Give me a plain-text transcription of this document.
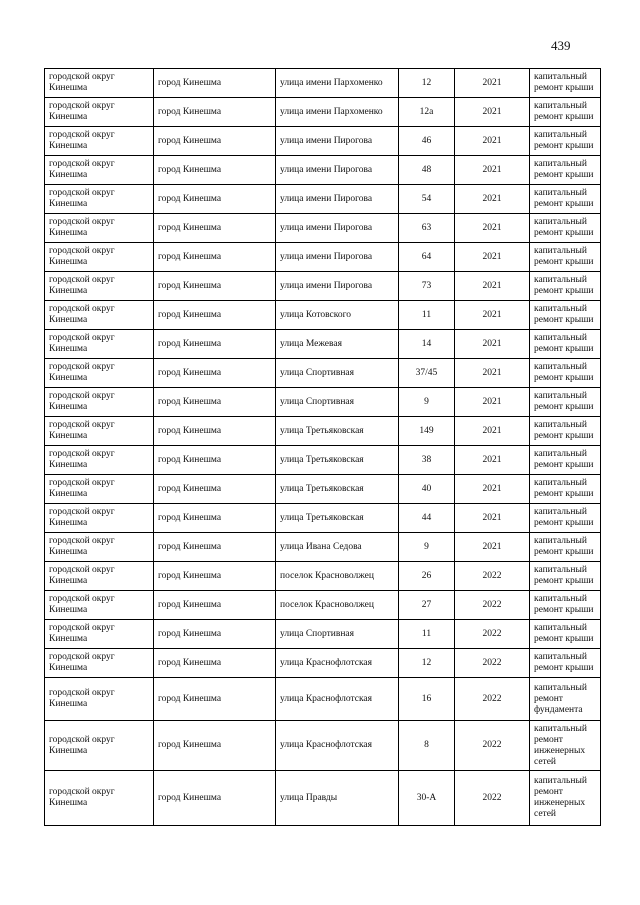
439
городской округ Кинешма	город Кинешма	улица имени Пархоменко	12	2021	капитальный ремонт крыши
городской округ Кинешма	город Кинешма	улица имени Пархоменко	12а	2021	капитальный ремонт крыши
городской округ Кинешма	город Кинешма	улица имени Пирогова	46	2021	капитальный ремонт крыши
городской округ Кинешма	город Кинешма	улица имени Пирогова	48	2021	капитальный ремонт крыши
городской округ Кинешма	город Кинешма	улица имени Пирогова	54	2021	капитальный ремонт крыши
городской округ Кинешма	город Кинешма	улица имени Пирогова	63	2021	капитальный ремонт крыши
городской округ Кинешма	город Кинешма	улица имени Пирогова	64	2021	капитальный ремонт крыши
городской округ Кинешма	город Кинешма	улица имени Пирогова	73	2021	капитальный ремонт крыши
городской округ Кинешма	город Кинешма	улица Котовского	11	2021	капитальный ремонт крыши
городской округ Кинешма	город Кинешма	улица Межевая	14	2021	капитальный ремонт крыши
городской округ Кинешма	город Кинешма	улица Спортивная	37/45	2021	капитальный ремонт крыши
городской округ Кинешма	город Кинешма	улица Спортивная	9	2021	капитальный ремонт крыши
городской округ Кинешма	город Кинешма	улица Третьяковская	149	2021	капитальный ремонт крыши
городской округ Кинешма	город Кинешма	улица Третьяковская	38	2021	капитальный ремонт крыши
городской округ Кинешма	город Кинешма	улица Третьяковская	40	2021	капитальный ремонт крыши
городской округ Кинешма	город Кинешма	улица Третьяковская	44	2021	капитальный ремонт крыши
городской округ Кинешма	город Кинешма	улица Ивана Седова	9	2021	капитальный ремонт крыши
городской округ Кинешма	город Кинешма	поселок Красноволжец	26	2022	капитальный ремонт крыши
городской округ Кинешма	город Кинешма	поселок Красноволжец	27	2022	капитальный ремонт крыши
городской округ Кинешма	город Кинешма	улица Спортивная	11	2022	капитальный ремонт крыши
городской округ Кинешма	город Кинешма	улица Краснофлотская	12	2022	капитальный ремонт крыши
городской округ Кинешма	город Кинешма	улица Краснофлотская	16	2022	капитальный ремонт фундамента
городской округ Кинешма	город Кинешма	улица Краснофлотская	8	2022	капитальный ремонт инженерных сетей
городской округ Кинешма	город Кинешма	улица Правды	30-А	2022	капитальный ремонт инженерных сетей
